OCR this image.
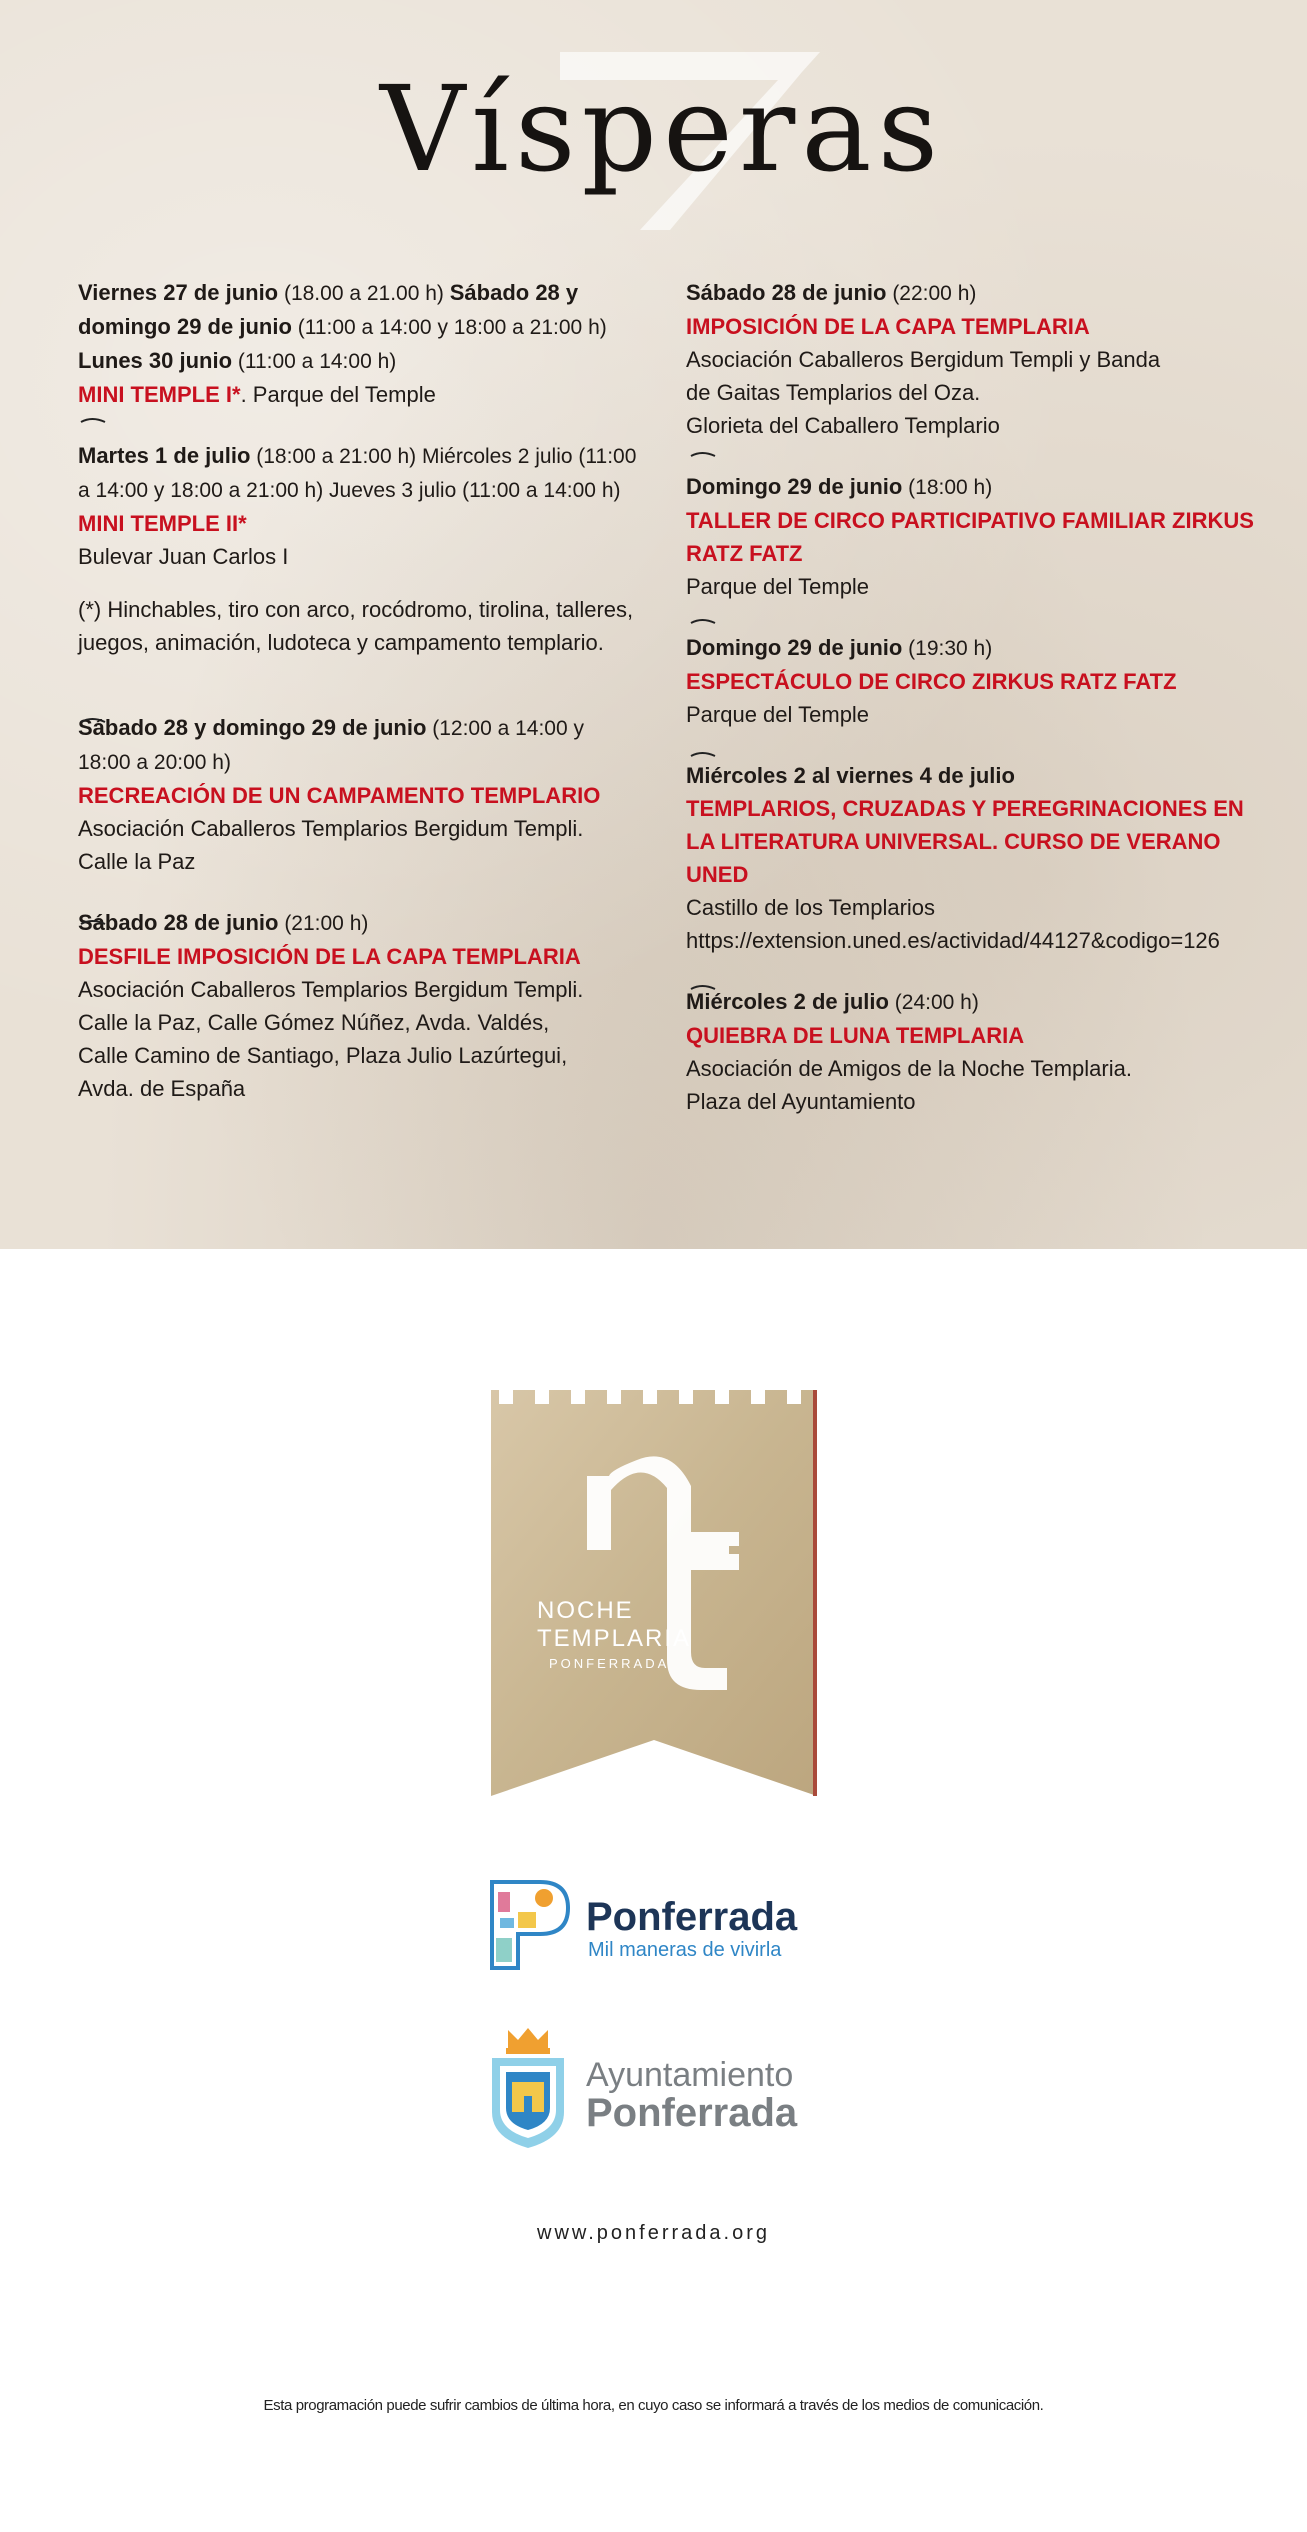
Vísperas
Viernes 27 de junio (18.00 a 21.00 h) Sábado 28 y
domingo 29 de junio (11:00 a 14:00 y 18:00 a 21:00 h)
Lunes 30 junio (11:00 a 14:00 h)
MINI TEMPLE I*. Parque del Temple
Martes 1 de julio (18:00 a 21:00 h) Miércoles 2 julio (11:00
a 14:00 y 18:00 a 21:00 h) Jueves 3 julio (11:00 a 14:00 h)
MINI TEMPLE II*
Bulevar Juan Carlos I
(*) Hinchables, tiro con arco, rocódromo, tirolina, talleres,
juegos, animación, ludoteca y campamento templario.
Sábado 28 y domingo 29 de junio (12:00 a 14:00 y
18:00 a 20:00 h)
RECREACIÓN DE UN CAMPAMENTO TEMPLARIO
Asociación Caballeros Templarios Bergidum Templi.
Calle la Paz
Sábado 28 de junio (21:00 h)
DESFILE IMPOSICIÓN DE LA CAPA TEMPLARIA
Asociación Caballeros Templarios Bergidum Templi.
Calle la Paz, Calle Gómez Núñez, Avda. Valdés,
Calle Camino de Santiago, Plaza Julio Lazúrtegui,
Avda. de España
Sábado 28 de junio (22:00 h)
IMPOSICIÓN DE LA CAPA TEMPLARIA
Asociación Caballeros Bergidum Templi y Banda
de Gaitas Templarios del Oza.
Glorieta del Caballero Templario
Domingo 29 de junio (18:00 h)
TALLER DE CIRCO PARTICIPATIVO FAMILIAR ZIRKUS
RATZ FATZ
Parque del Temple
Domingo 29 de junio (19:30 h)
ESPECTÁCULO DE CIRCO ZIRKUS RATZ FATZ
Parque del Temple
Miércoles 2 al viernes 4 de julio
TEMPLARIOS, CRUZADAS Y PEREGRINACIONES EN
LA LITERATURA UNIVERSAL. CURSO DE VERANO
UNED
Castillo de los Templarios
https://extension.uned.es/actividad/44127&codigo=126
Miércoles 2 de julio (24:00 h)
QUIEBRA DE LUNA TEMPLARIA
Asociación de Amigos de la Noche Templaria.
Plaza del Ayuntamiento
NOCHE
TEMPLARIA
PONFERRADA
Ponferrada
Mil maneras de vivirla
Ayuntamiento
Ponferrada
www.ponferrada.org
Esta programación puede sufrir cambios de última hora, en cuyo caso se informará a través de los medios de comunicación.
